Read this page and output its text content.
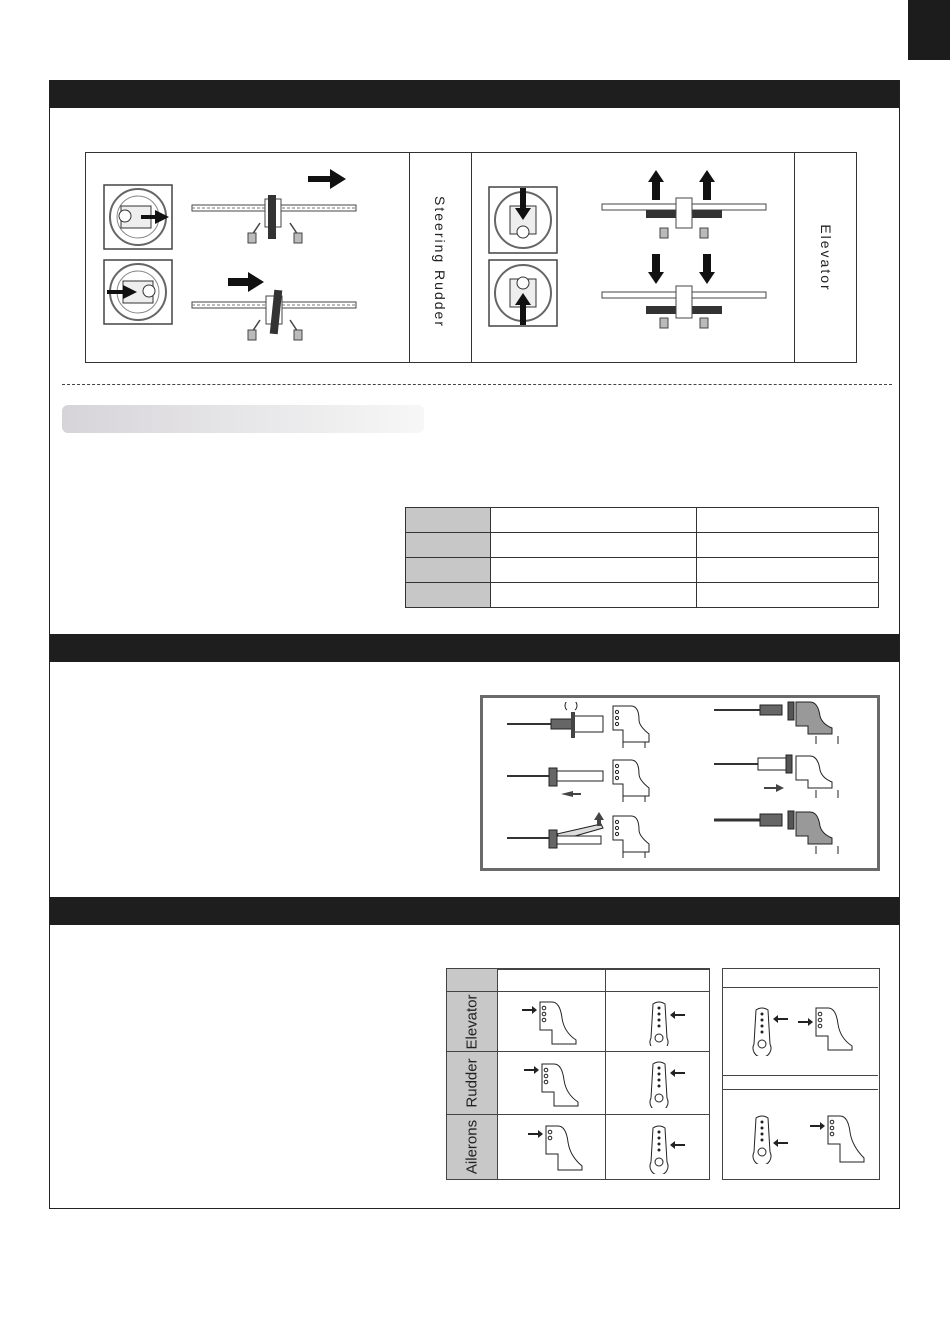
Steering Rudder	Elevator

Elevator
Rudder
Ailerons
